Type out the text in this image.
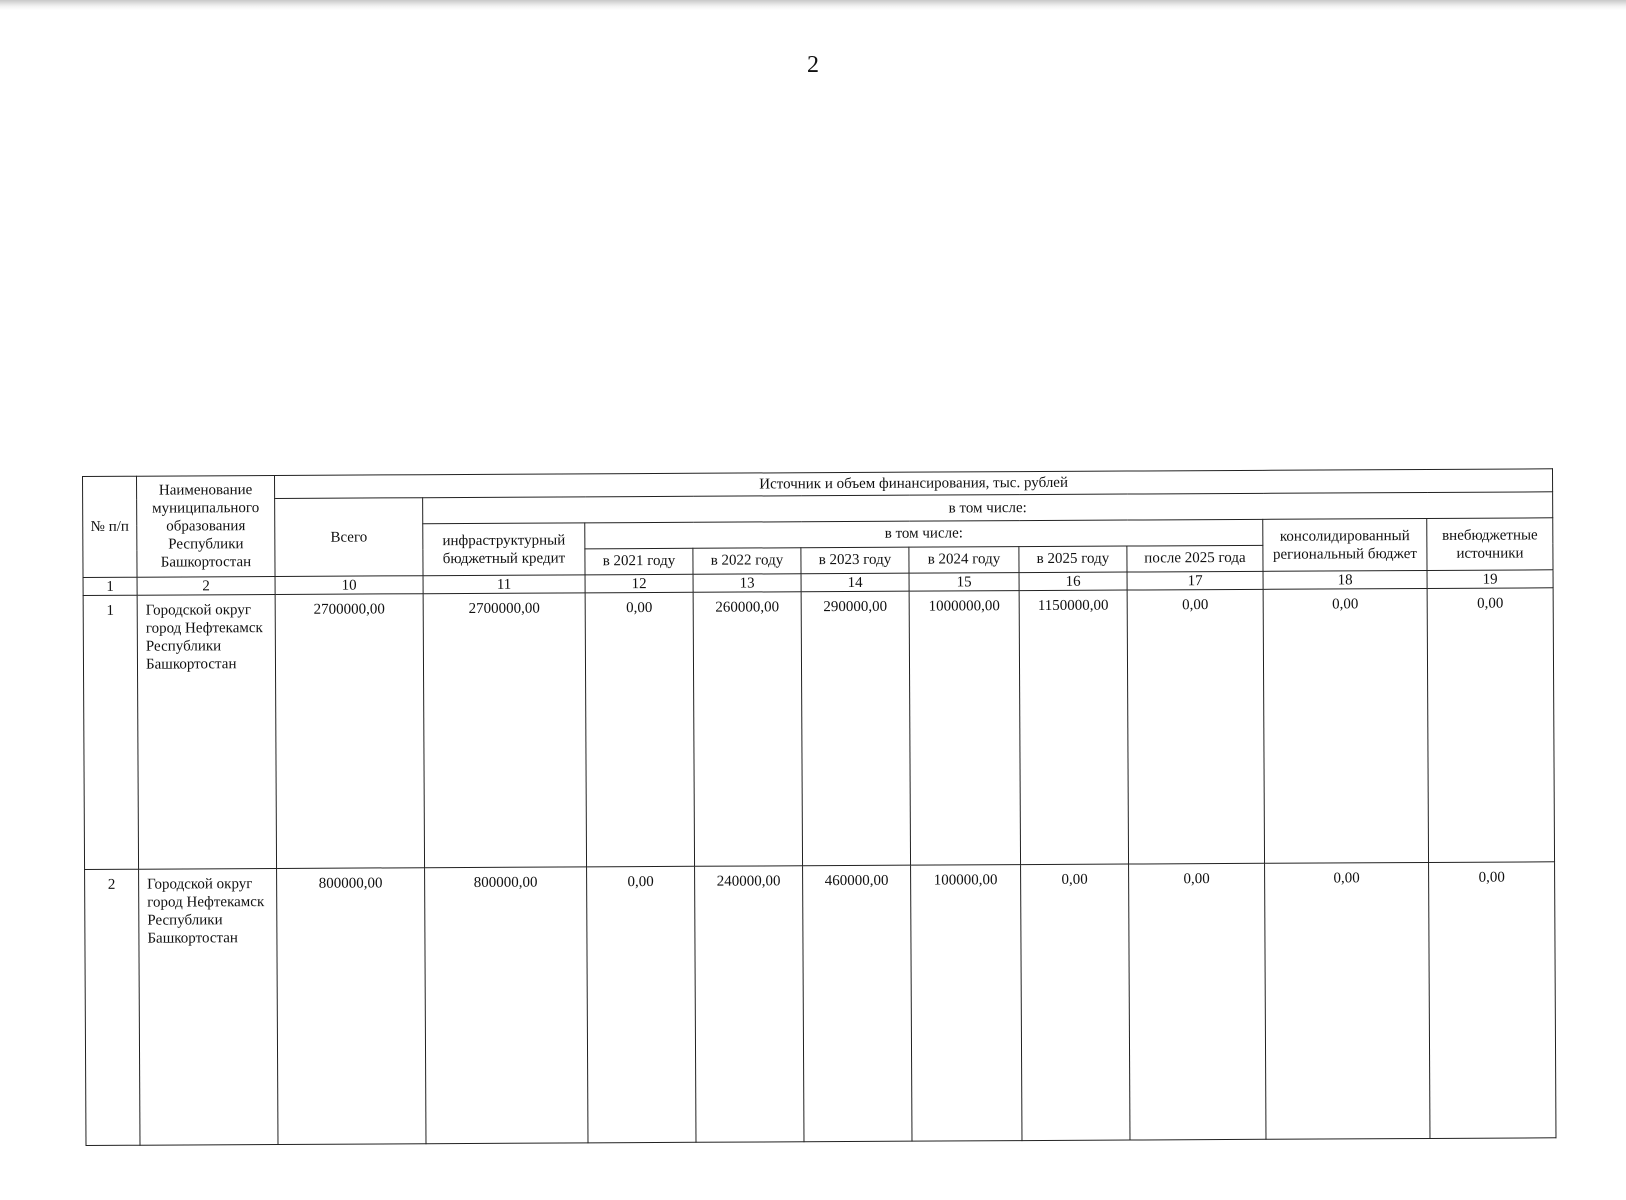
2
№ п/п	Наименование муниципального образования Республики Башкортостан	Источник и объем финансирования, тыс. рублей									
		Всего	в том числе:								
			инфраструктурный бюджетный кредит	в том числе:						консолидированный региональный бюджет	внебюджетные источники
				в 2021 году	в 2022 году	в 2023 году	в 2024 году	в 2025 году	после 2025 года		
1	2	10	11	12	13	14	15	16	17	18	19
1	Городской округ город Нефтекамск Республики Башкортостан	2700000,00	2700000,00	0,00	260000,00	290000,00	1000000,00	1150000,00	0,00	0,00	0,00
2	Городской округ город Нефтекамск Республики Башкортостан	800000,00	800000,00	0,00	240000,00	460000,00	100000,00	0,00	0,00	0,00	0,00
